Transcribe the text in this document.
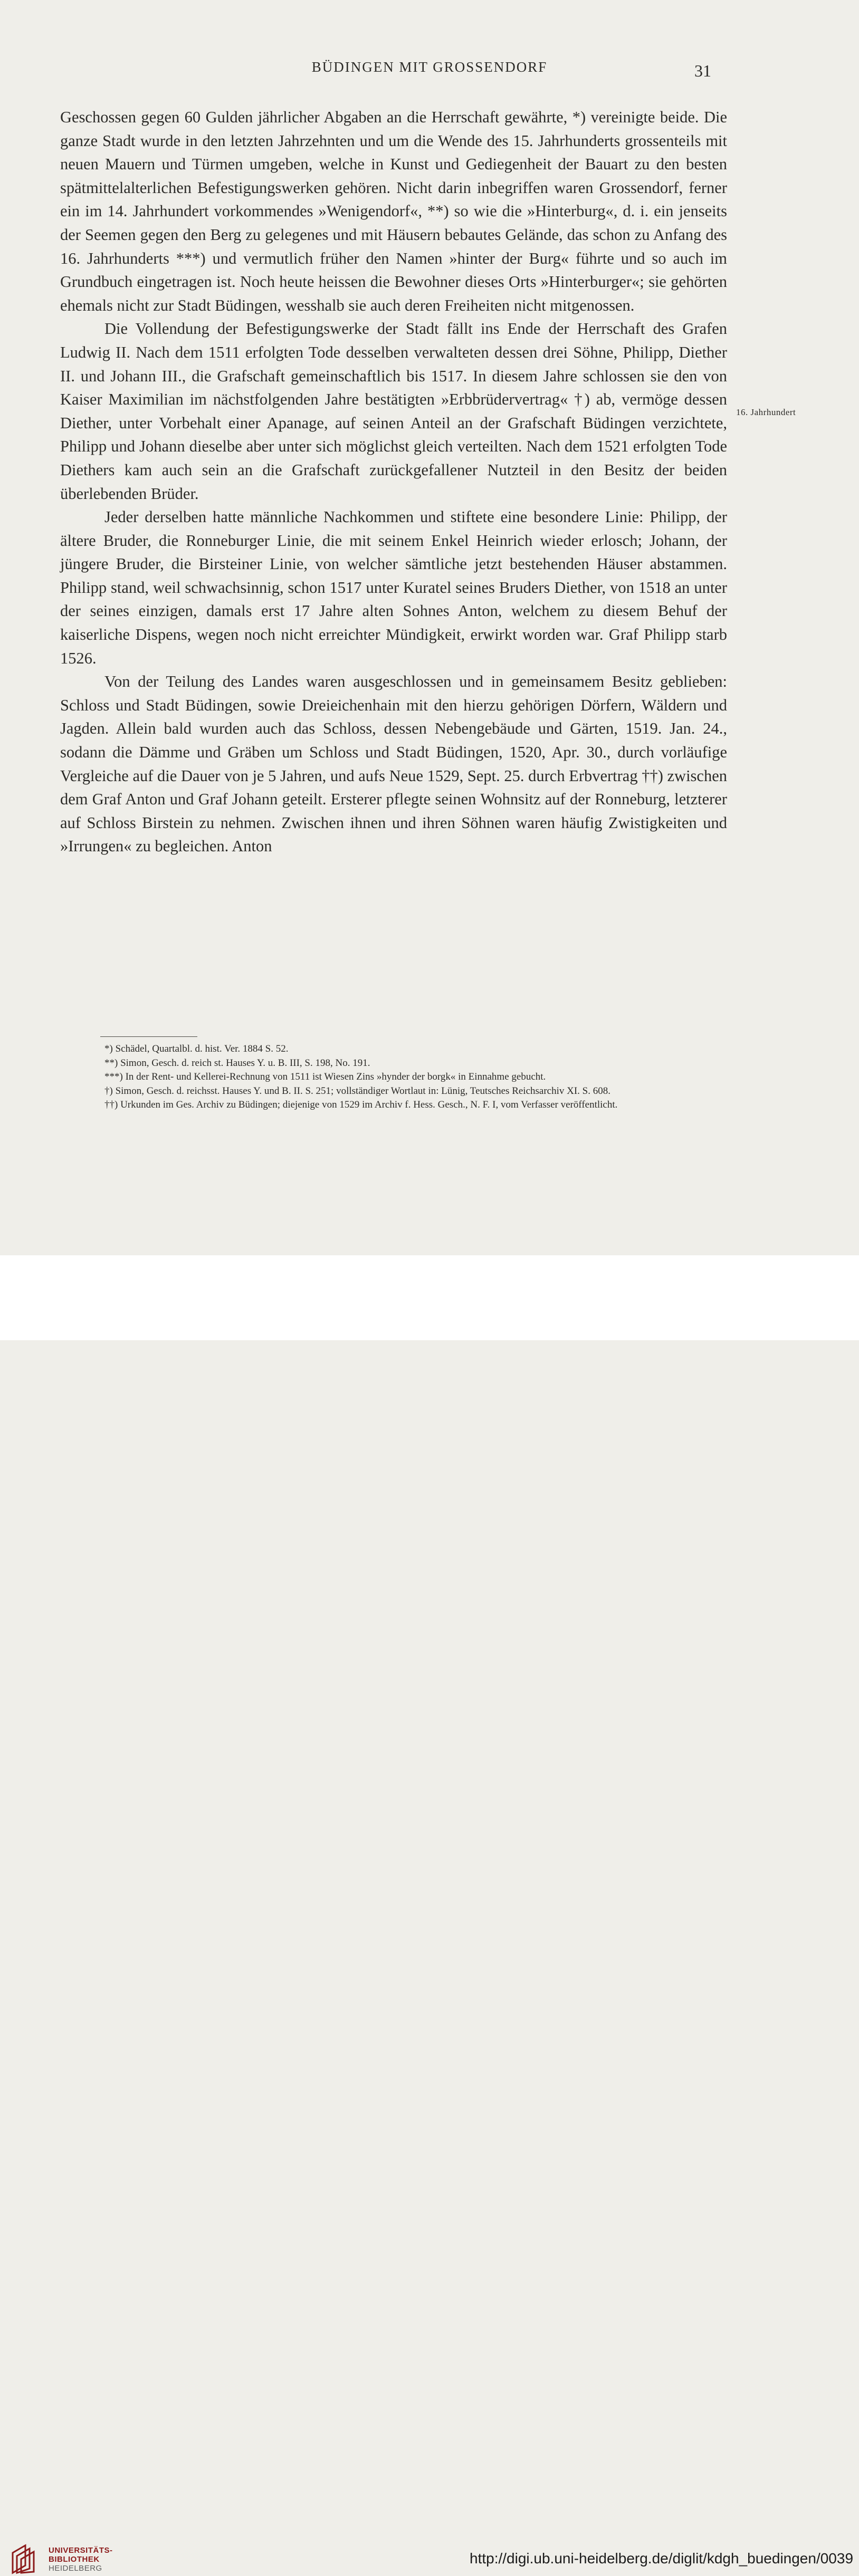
BÜDINGEN MIT GROSSENDORF	31

Geschossen gegen 60 Gulden jährlicher Abgaben an die Herrschaft gewährte, *) vereinigte beide. Die ganze Stadt wurde in den letzten Jahrzehnten und um die Wende des 15. Jahrhunderts grossenteils mit neuen Mauern und Türmen umgeben, welche in Kunst und Gediegenheit der Bauart zu den besten spätmittelalterlichen Befestigungswerken gehören. Nicht darin inbegriffen waren Grossendorf, ferner ein im 14. Jahrhundert vorkommendes »Wenigendorf«, **) so wie die »Hinterburg«, d. i. ein jenseits der Seemen gegen den Berg zu gelegenes und mit Häusern bebautes Gelände, das schon zu Anfang des 16. Jahrhunderts ***) und vermutlich früher den Namen »hinter der Burg« führte und so auch im Grundbuch eingetragen ist. Noch heute heissen die Bewohner dieses Orts »Hinterburger«; sie gehörten ehemals nicht zur Stadt Büdingen, wesshalb sie auch deren Freiheiten nicht mitgenossen.

Die Vollendung der Befestigungswerke der Stadt fällt ins Ende der Herrschaft des Grafen Ludwig II. Nach dem 1511 erfolgten Tode desselben verwalteten dessen drei Söhne, Philipp, Diether II. und Johann III., die Grafschaft gemeinschaftlich bis 1517. In diesem Jahre schlossen sie den von Kaiser Maximilian im nächstfolgenden Jahre bestätigten »Erbbrüdervertrag« †) ab, vermöge dessen Diether, unter Vorbehalt einer Apanage, auf seinen Anteil an der Grafschaft Büdingen verzichtete, Philipp und Johann dieselbe aber unter sich möglichst gleich verteilten. Nach dem 1521 erfolgten Tode Diethers kam auch sein an die Grafschaft zurückgefallener Nutzteil in den Besitz der beiden überlebenden Brüder.

Jeder derselben hatte männliche Nachkommen und stiftete eine besondere Linie: Philipp, der ältere Bruder, die Ronneburger Linie, die mit seinem Enkel Heinrich wieder erlosch; Johann, der jüngere Bruder, die Birsteiner Linie, von welcher sämtliche jetzt bestehenden Häuser abstammen. Philipp stand, weil schwachsinnig, schon 1517 unter Kuratel seines Bruders Diether, von 1518 an unter der seines einzigen, damals erst 17 Jahre alten Sohnes Anton, welchem zu diesem Behuf der kaiserliche Dispens, wegen noch nicht erreichter Mündigkeit, erwirkt worden war. Graf Philipp starb 1526.

Von der Teilung des Landes waren ausgeschlossen und in gemeinsamem Besitz geblieben: Schloss und Stadt Büdingen, sowie Dreieichenhain mit den hierzu gehörigen Dörfern, Wäldern und Jagden. Allein bald wurden auch das Schloss, dessen Nebengebäude und Gärten, 1519. Jan. 24., sodann die Dämme und Gräben um Schloss und Stadt Büdingen, 1520, Apr. 30., durch vorläufige Vergleiche auf die Dauer von je 5 Jahren, und aufs Neue 1529, Sept. 25. durch Erbvertrag ††) zwischen dem Graf Anton und Graf Johann geteilt. Ersterer pflegte seinen Wohnsitz auf der Ronneburg, letzterer auf Schloss Birstein zu nehmen. Zwischen ihnen und ihren Söhnen waren häufig Zwistigkeiten und »Irrungen« zu begleichen. Anton

16. Jahrhundert

*) Schädel, Quartalbl. d. hist. Ver. 1884 S. 52.

**) Simon, Gesch. d. reich st. Hauses Y. u. B. III, S. 198, No. 191.

***) In der Rent- und Kellerei-Rechnung von 1511 ist Wiesen Zins »hynder der borgk« in Einnahme gebucht.

†) Simon, Gesch. d. reichsst. Hauses Y. und B. II. S. 251; vollständiger Wortlaut in: Lünig, Teutsches Reichsarchiv XI. S. 608.

††) Urkunden im Ges. Archiv zu Büdingen; diejenige von 1529 im Archiv f. Hess. Gesch., N. F. I, vom Verfasser veröffentlicht.

UNIVERSITÄTS-
BIBLIOTHEK
HEIDELBERG
http://digi.ub.uni-heidelberg.de/diglit/kdgh_buedingen/0039
